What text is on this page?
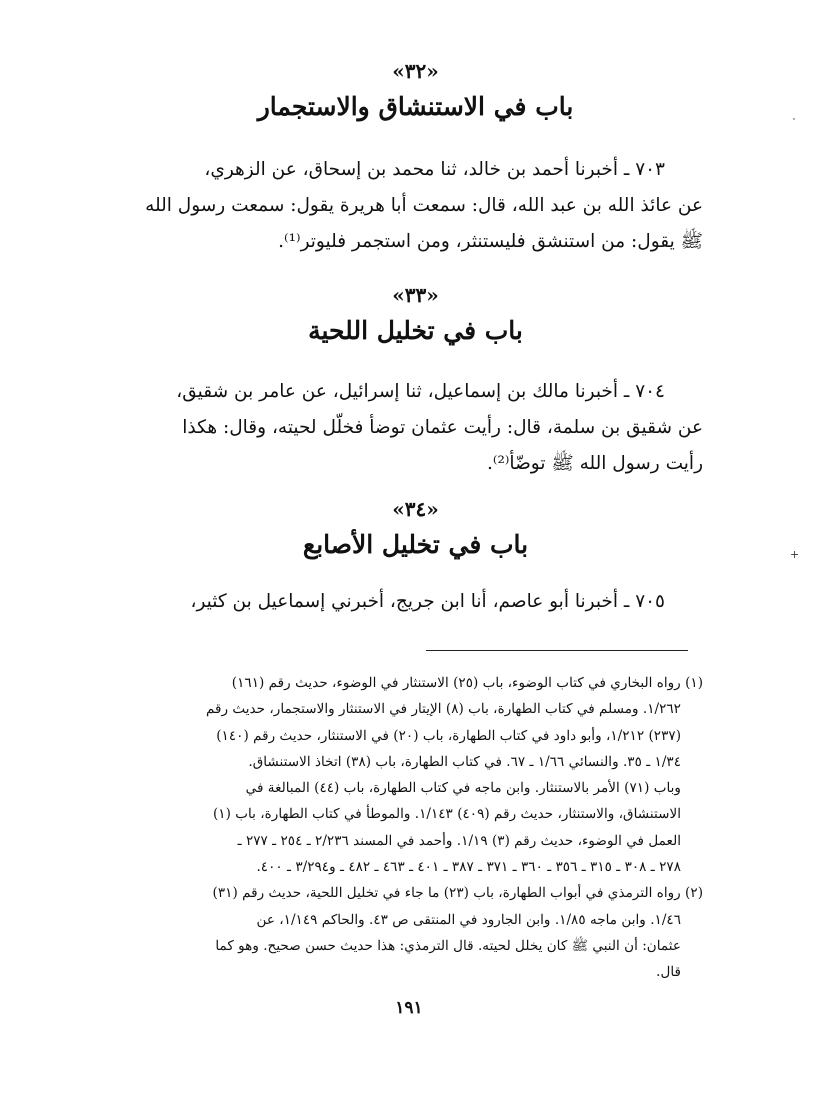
«٣٢»
باب في الاستنشاق والاستجمار
٧٠٣ ـ أخبرنا أحمد بن خالد، ثنا محمد بن إسحاق، عن الزهري،
عن عائذ الله بن عبد الله، قال: سمعت أبا هريرة يقول: سمعت رسول الله
ﷺ يقول: من استنشق فليستنثر، ومن استجمر فليوتر⁽¹⁾.
«٣٣»
باب في تخليل اللحية
٧٠٤ ـ أخبرنا مالك بن إسماعيل، ثنا إسرائيل، عن عامر بن شقيق،
عن شقيق بن سلمة، قال: رأيت عثمان توضأ فخلّل لحيته، وقال: هكذا
رأيت رسول الله ﷺ توضّأ⁽²⁾.
«٣٤»
باب في تخليل الأصابع
٧٠٥ ـ أخبرنا أبو عاصم، أنا ابن جريج، أخبرني إسماعيل بن كثير،
(١) رواه البخاري في كتاب الوضوء، باب (٢٥) الاستنثار في الوضوء، حديث رقم (١٦١)
١/٢٦٢. ومسلم في كتاب الطهارة، باب (٨) الإيتار في الاستنثار والاستجمار، حديث رقم
(٢٣٧) ١/٢١٢، وأبو داود في كتاب الطهارة، باب (٢٠) في الاستنثار، حديث رقم (١٤٠)
١/٣٤ ـ ٣٥. والنسائي ١/٦٦ ـ ٦٧. في كتاب الطهارة، باب (٣٨) اتخاذ الاستنشاق.
وباب (٧١) الأمر بالاستنثار. وابن ماجه في كتاب الطهارة، باب (٤٤) المبالغة في
الاستنشاق، والاستنثار، حديث رقم (٤٠٩) ١/١٤٣. والموطأ في كتاب الطهارة، باب (١)
العمل في الوضوء، حديث رقم (٣) ١/١٩. وأحمد في المسند ٢/٢٣٦ ـ ٢٥٤ ـ ٢٧٧ ـ
٢٧٨ ـ ٣٠٨ ـ ٣١٥ ـ ٣٥٦ ـ ٣٦٠ ـ ٣٧١ ـ ٣٨٧ ـ ٤٠١ ـ ٤٦٣ ـ ٤٨٢ ـ و٣/٢٩٤ ـ ٤٠٠.
(٢) رواه الترمذي في أبواب الطهارة، باب (٢٣) ما جاء في تخليل اللحية، حديث رقم (٣١)
١/٤٦. وابن ماجه ١/٨٥. وابن الجارود في المنتقى ص ٤٣. والحاكم ١/١٤٩، عن
عثمان: أن النبي ﷺ كان يخلل لحيته. قال الترمذي: هذا حديث حسن صحيح. وهو كما
قال.
١٩١
٠
+
